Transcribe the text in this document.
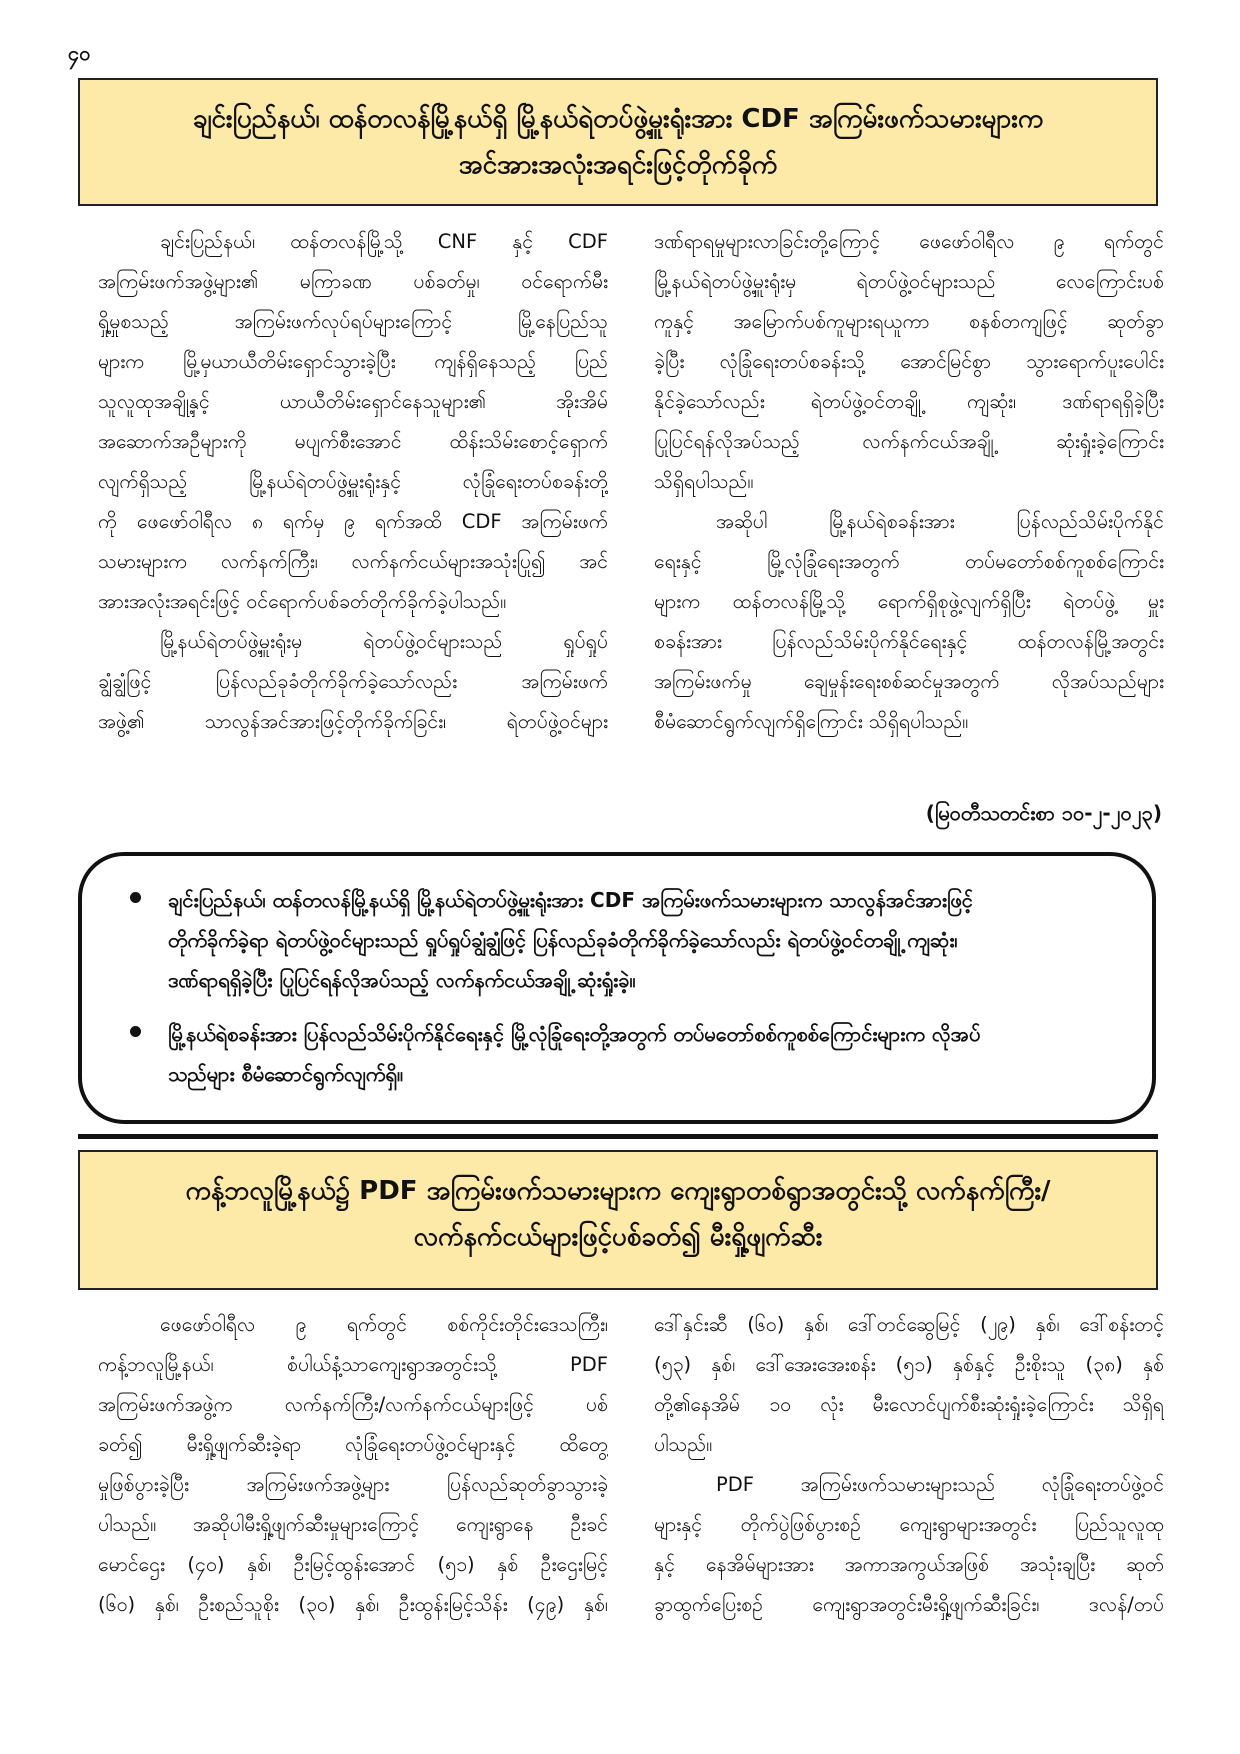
၄၀
ချင်းပြည်နယ်၊ ထန်တလန်မြို့နယ်ရှိ မြို့နယ်ရဲတပ်ဖွဲ့မှူးရုံးအား CDF အကြမ်းဖက်သမားများက
အင်အားအလုံးအရင်းဖြင့်တိုက်ခိုက်
ချင်းပြည်နယ်၊ ထန်တလန်မြို့သို့ CNF နှင့် CDF
အကြမ်းဖက်အဖွဲ့များ၏ မကြာခဏ ပစ်ခတ်မှု၊ ဝင်ရောက်မီး
ရှို့မှုစသည့် အကြမ်းဖက်လုပ်ရပ်များကြောင့် မြို့နေပြည်သူ
များက မြို့မှယာယီတိမ်းရှောင်သွားခဲ့ပြီး ကျန်ရှိနေသည့် ပြည်
သူလူထုအချို့နှင့် ယာယီတိမ်းရှောင်နေသူများ၏ အိုးအိမ်
အဆောက်အဦများကို မပျက်စီးအောင် ထိန်းသိမ်းစောင့်ရှောက်
လျက်ရှိသည့် မြို့နယ်ရဲတပ်ဖွဲ့မှူးရုံးနှင့် လုံခြုံရေးတပ်စခန်းတို့
ကို ဖေဖော်ဝါရီလ ၈ ရက်မှ ၉ ရက်အထိ CDF အကြမ်းဖက်
သမားများက လက်နက်ကြီး၊ လက်နက်ငယ်များအသုံးပြု၍ အင်
အားအလုံးအရင်းဖြင့် ဝင်ရောက်ပစ်ခတ်တိုက်ခိုက်ခဲ့ပါသည်။
မြို့နယ်ရဲတပ်ဖွဲ့မှူးရုံးမှ ရဲတပ်ဖွဲ့ဝင်များသည် ရှုပ်ရှုပ်
ချွံချွံဖြင့် ပြန်လည်ခုခံတိုက်ခိုက်ခဲ့သော်လည်း အကြမ်းဖက်
အဖွဲ့၏ သာလွန်အင်အားဖြင့်တိုက်ခိုက်ခြင်း၊ ရဲတပ်ဖွဲ့ဝင်များ
ဒဏ်ရာရမှုများလာခြင်းတို့ကြောင့် ဖေဖော်ဝါရီလ ၉ ရက်တွင်
မြို့နယ်ရဲတပ်ဖွဲ့မှူးရုံးမှ ရဲတပ်ဖွဲ့ဝင်များသည် လေကြောင်းပစ်
ကူနှင့် အမြောက်ပစ်ကူများရယူကာ စနစ်တကျဖြင့် ဆုတ်ခွာ
ခဲ့ပြီး လုံခြုံရေးတပ်စခန်းသို့ အောင်မြင်စွာ သွားရောက်ပူးပေါင်း
နိုင်ခဲ့သော်လည်း ရဲတပ်ဖွဲ့ဝင်တချို့ ကျဆုံး၊ ဒဏ်ရာရရှိခဲ့ပြီး
ပြုပြင်ရန်လိုအပ်သည့် လက်နက်ငယ်အချို့ ဆုံးရှုံးခဲ့ကြောင်း
သိရှိရပါသည်။
အဆိုပါ မြို့နယ်ရဲစခန်းအား ပြန်လည်သိမ်းပိုက်နိုင်
ရေးနှင့် မြို့လုံခြုံရေးအတွက် တပ်မတော်စစ်ကူစစ်ကြောင်း
များက ထန်တလန်မြို့သို့ ရောက်ရှိစုဖွဲ့လျက်ရှိပြီး ရဲတပ်ဖွဲ့ မှူး
စခန်းအား ပြန်လည်သိမ်းပိုက်နိုင်ရေးနှင့် ထန်တလန်မြို့အတွင်း
အကြမ်းဖက်မှု ချေမှုန်းရေးစစ်ဆင်မှုအတွက် လိုအပ်သည်များ
စီမံဆောင်ရွက်လျက်ရှိကြောင်း သိရှိရပါသည်။
(မြဝတီသတင်းစာ ၁၀-၂-၂၀၂၃)
ချင်းပြည်နယ်၊ ထန်တလန်မြို့နယ်ရှိ မြို့နယ်ရဲတပ်ဖွဲ့မှူးရုံးအား CDF အကြမ်းဖက်သမားများက သာလွန်အင်အားဖြင့်
တိုက်ခိုက်ခဲ့ရာ ရဲတပ်ဖွဲ့ဝင်များသည် ရှုပ်ရှုပ်ချွံချွံဖြင့် ပြန်လည်ခုခံတိုက်ခိုက်ခဲ့သော်လည်း ရဲတပ်ဖွဲ့ဝင်တချို့ ကျဆုံး၊
ဒဏ်ရာရရှိခဲ့ပြီး ပြုပြင်ရန်လိုအပ်သည့် လက်နက်ငယ်အချို့ ဆုံးရှုံးခဲ့။
မြို့နယ်ရဲစခန်းအား ပြန်လည်သိမ်းပိုက်နိုင်ရေးနှင့် မြို့လုံခြုံရေးတို့အတွက် တပ်မတော်စစ်ကူစစ်ကြောင်းများက လိုအပ်
သည်များ စီမံဆောင်ရွက်လျက်ရှိ။
ကန့်ဘလူမြို့နယ်၌ PDF အကြမ်းဖက်သမားများက ကျေးရွာတစ်ရွာအတွင်းသို့ လက်နက်ကြီး/
လက်နက်ငယ်များဖြင့်ပစ်ခတ်၍ မီးရှို့ဖျက်ဆီး
ဖေဖော်ဝါရီလ ၉ ရက်တွင် စစ်ကိုင်းတိုင်းဒေသကြီး၊
ကန့်ဘလူမြို့နယ်၊ စံပါယ်နံ့သာကျေးရွာအတွင်းသို့ PDF
အကြမ်းဖက်အဖွဲ့က လက်နက်ကြီး/လက်နက်ငယ်များဖြင့် ပစ်
ခတ်၍ မီးရှို့ဖျက်ဆီးခဲ့ရာ လုံခြုံရေးတပ်ဖွဲ့ဝင်များနှင့် ထိတွေ့
မှုဖြစ်ပွားခဲ့ပြီး အကြမ်းဖက်အဖွဲ့များ ပြန်လည်ဆုတ်ခွာသွားခဲ့
ပါသည်။ အဆိုပါမီးရှို့ဖျက်ဆီးမှုများကြောင့် ကျေးရွာနေ ဦးခင်
မောင်ဌေး (၄၀) နှစ်၊ ဦးမြင့်ထွန်းအောင် (၅၁) နှစ် ဦးဌေးမြင့်
(၆၀) နှစ်၊ ဦးစည်သူစိုး (၃၀) နှစ်၊ ဦးထွန်းမြင့်သိန်း (၄၉) နှစ်၊
ဒေါ်နှင်းဆီ (၆၀) နှစ်၊ ဒေါ်တင်ဆွေမြင့် (၂၉) နှစ်၊ ဒေါ်စန်းတင့်
(၅၃) နှစ်၊ ဒေါ်အေးအေးစန်း (၅၁) နှစ်နှင့် ဦးစိုးသူ (၃၈) နှစ်
တို့၏နေအိမ် ၁၀ လုံး မီးလောင်ပျက်စီးဆုံးရှုံးခဲ့ကြောင်း သိရှိရ
ပါသည်။
PDF အကြမ်းဖက်သမားများသည် လုံခြုံရေးတပ်ဖွဲ့ဝင်
များနှင့် တိုက်ပွဲဖြစ်ပွားစဉ် ကျေးရွာများအတွင်း ပြည်သူလူထု
နှင့် နေအိမ်များအား အကာအကွယ်အဖြစ် အသုံးချပြီး ဆုတ်
ခွာထွက်ပြေးစဉ် ကျေးရွာအတွင်းမီးရှို့ဖျက်ဆီးခြင်း၊ ဒလန်/တပ်
